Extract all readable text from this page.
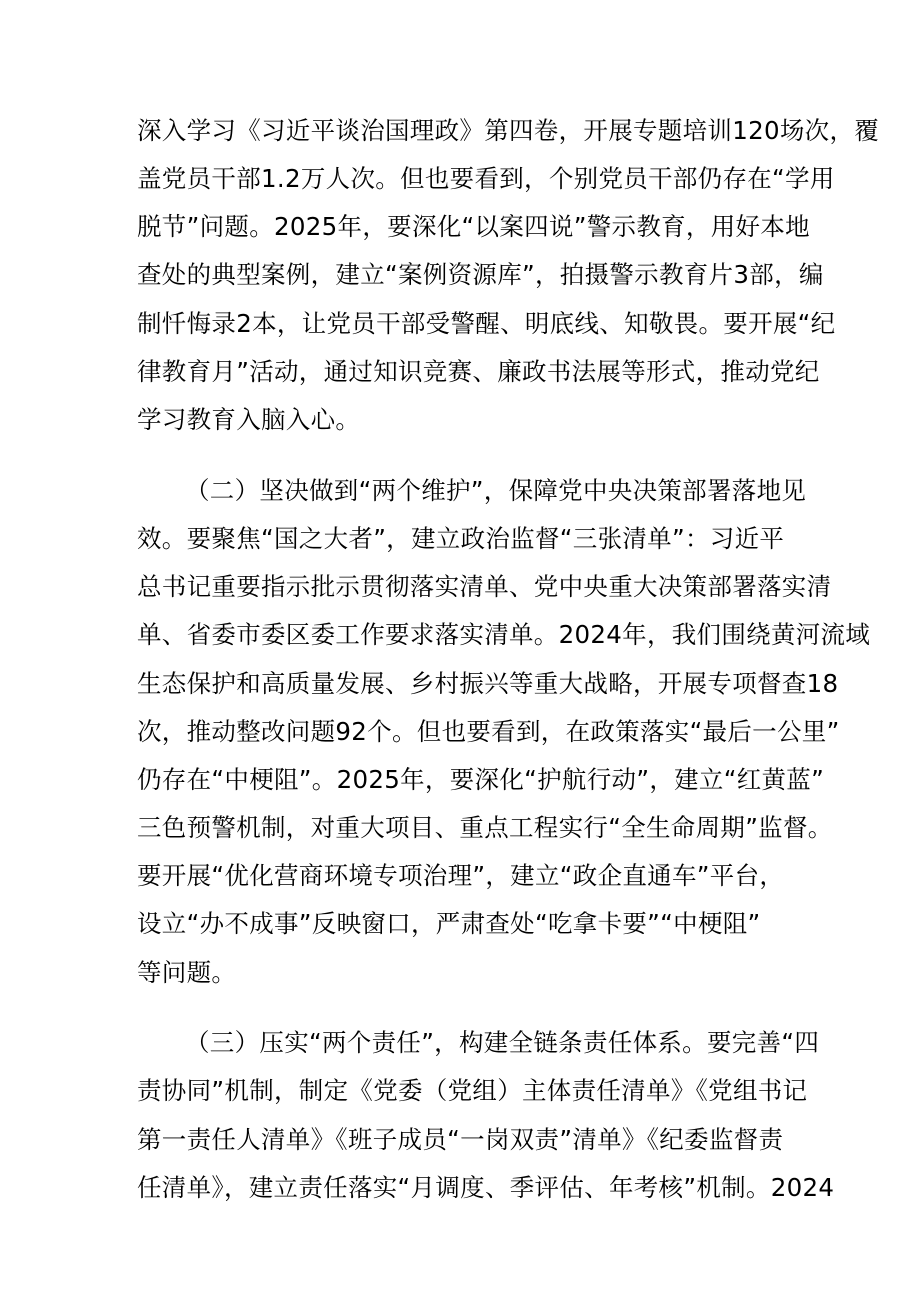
深入学习《习近平谈治国理政》第四卷，开展专题培训120场次，覆
盖党员干部1.2万人次。但也要看到，个别党员干部仍存在“学用
脱节”问题。2025年，要深化“以案四说”警示教育，用好本地
查处的典型案例，建立“案例资源库”，拍摄警示教育片3部，编
制忏悔录2本，让党员干部受警醒、明底线、知敬畏。要开展“纪
律教育月”活动，通过知识竞赛、廉政书法展等形式，推动党纪
学习教育入脑入心。
（二）坚决做到“两个维护”，保障党中央决策部署落地见
效。要聚焦“国之大者”，建立政治监督“三张清单”：习近平
总书记重要指示批示贯彻落实清单、党中央重大决策部署落实清
单、省委市委区委工作要求落实清单。2024年，我们围绕黄河流域
生态保护和高质量发展、乡村振兴等重大战略，开展专项督查18
次，推动整改问题92个。但也要看到，在政策落实“最后一公里”
仍存在“中梗阻”。2025年，要深化“护航行动”，建立“红黄蓝”
三色预警机制，对重大项目、重点工程实行“全生命周期”监督。
要开展“优化营商环境专项治理”，建立“政企直通车”平台，
设立“办不成事”反映窗口，严肃查处“吃拿卡要”“中梗阻”
等问题。
（三）压实“两个责任”，构建全链条责任体系。要完善“四
责协同”机制，制定《党委（党组）主体责任清单》《党组书记
第一责任人清单》《班子成员“一岗双责”清单》《纪委监督责
任清单》，建立责任落实“月调度、季评估、年考核”机制。2024
